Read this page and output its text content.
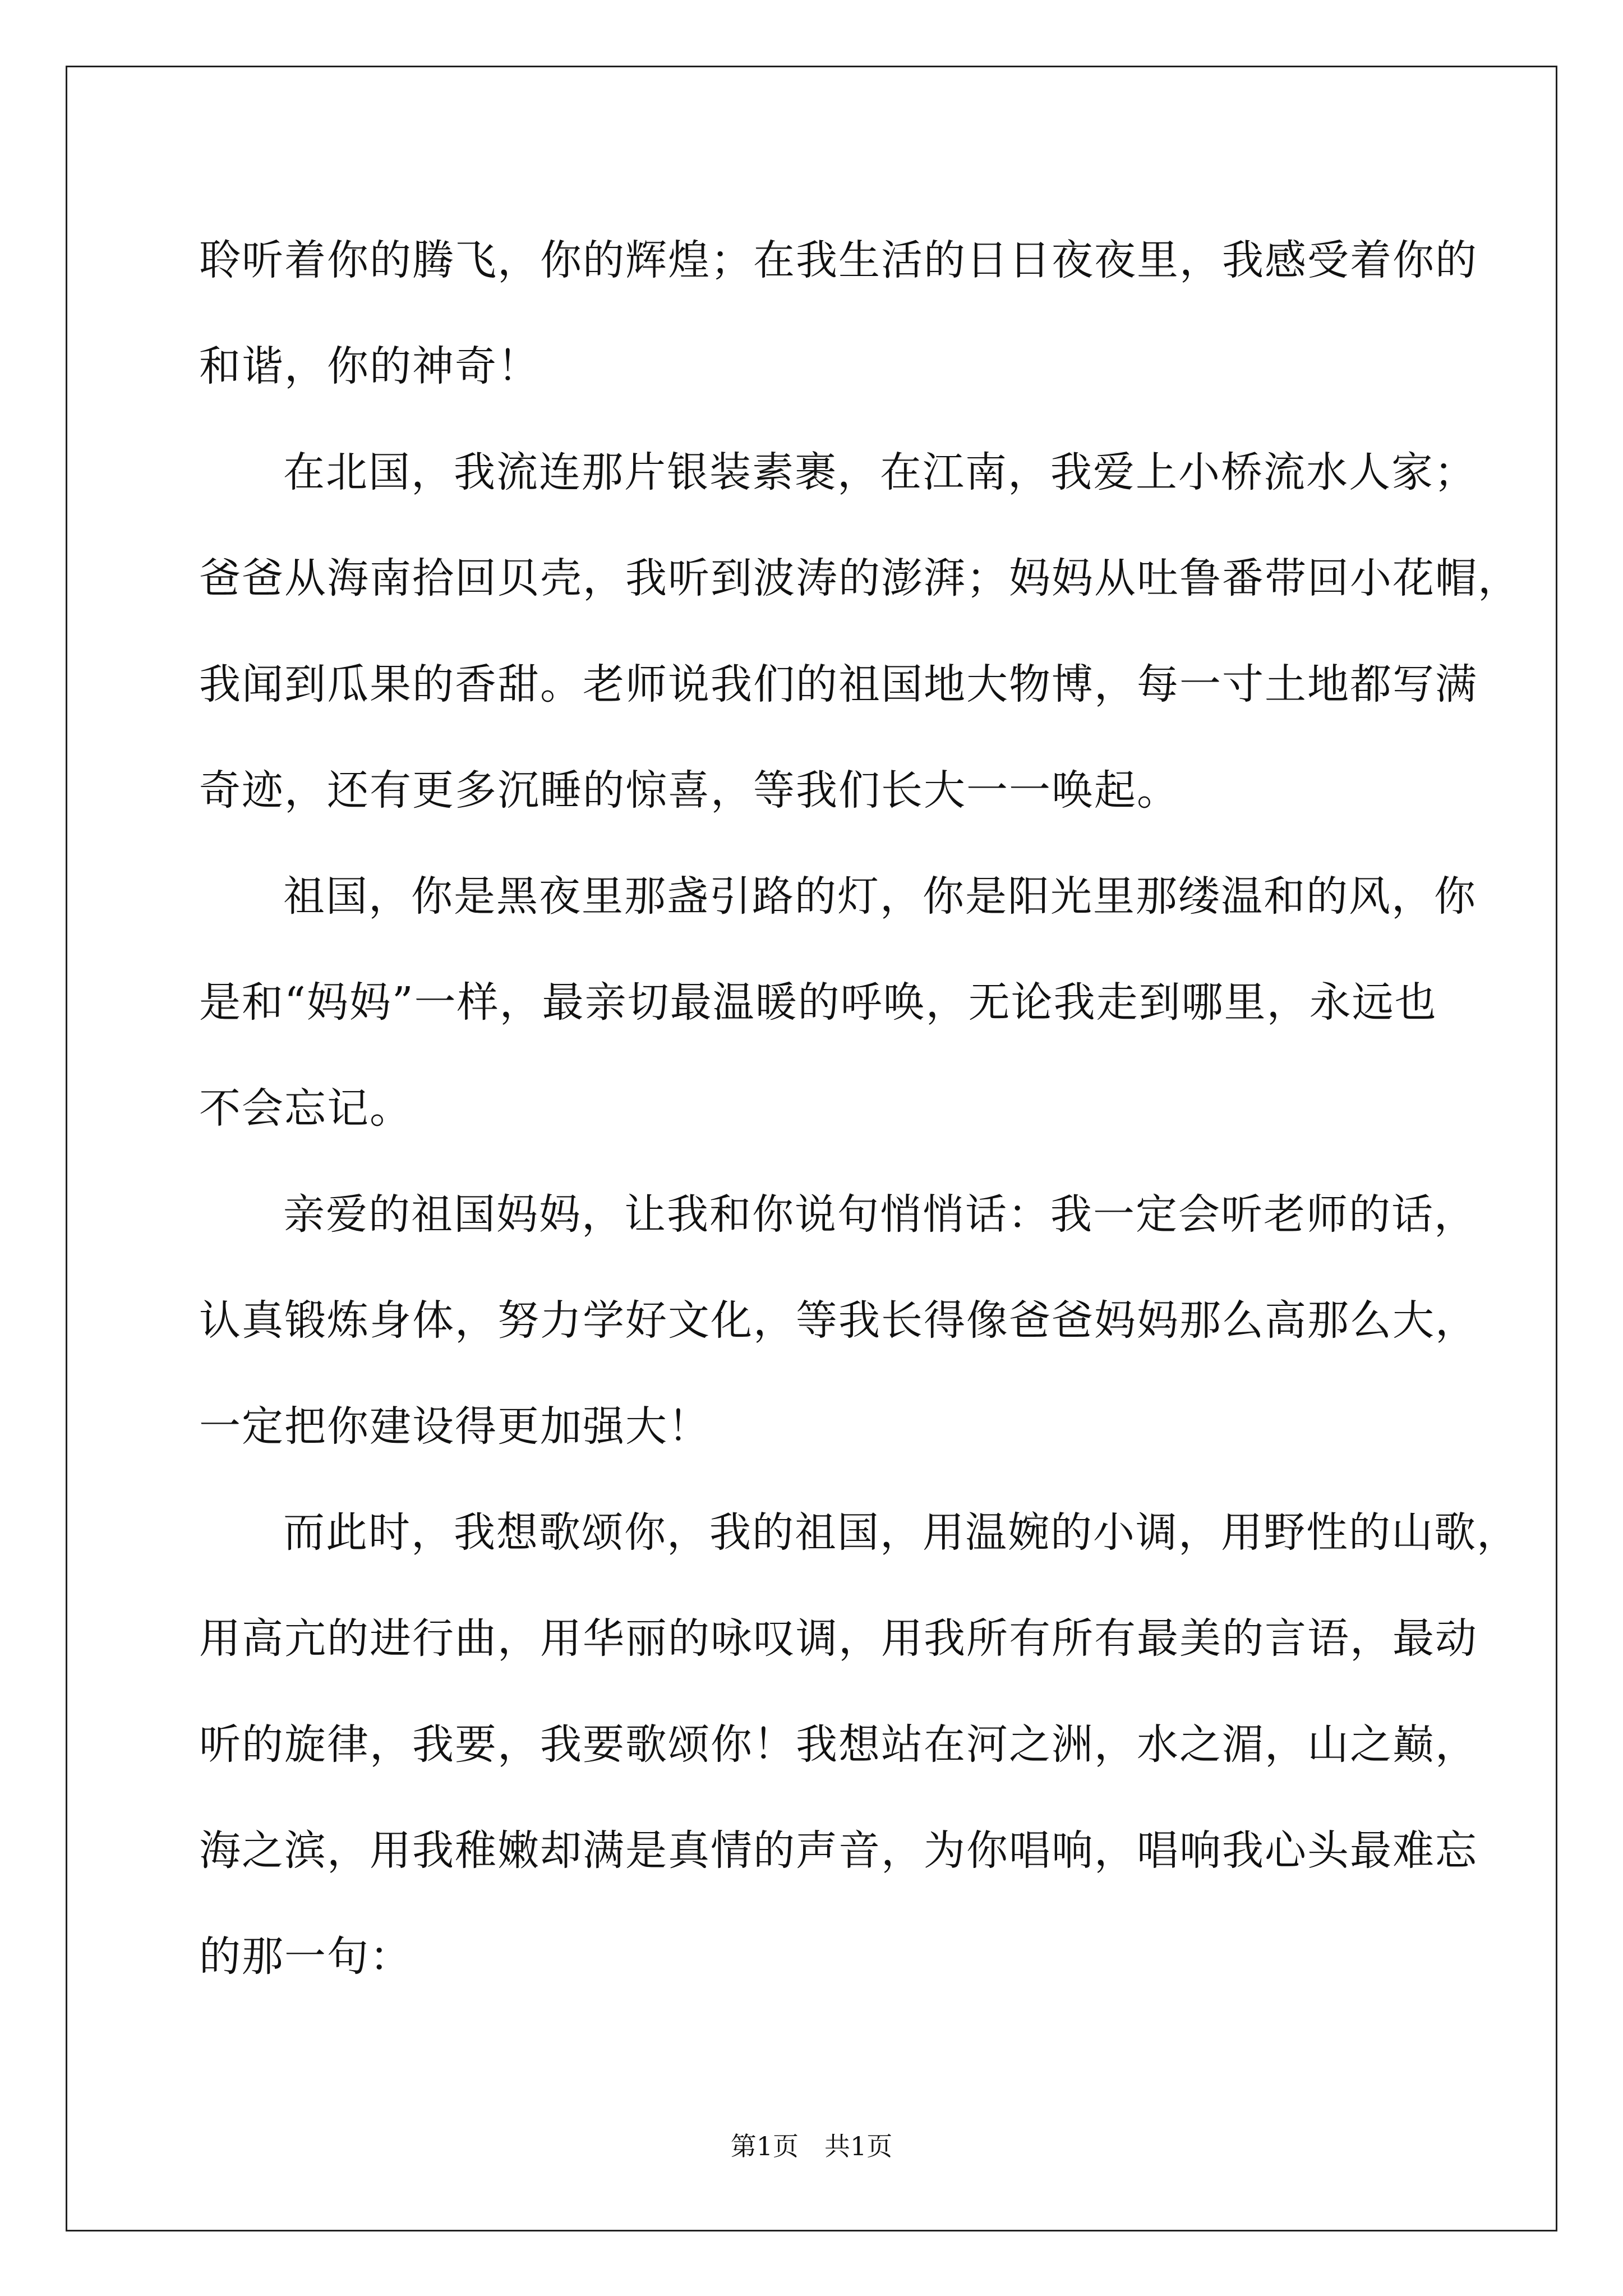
聆听着你的腾飞，你的辉煌；在我生活的日日夜夜里，我感受着你的
和谐，你的神奇！

在北国，我流连那片银装素裹，在江南，我爱上小桥流水人家；
爸爸从海南拾回贝壳，我听到波涛的澎湃；妈妈从吐鲁番带回小花帽，
我闻到瓜果的香甜。老师说我们的祖国地大物博，每一寸土地都写满
奇迹，还有更多沉睡的惊喜，等我们长大一一唤起。

祖国，你是黑夜里那盏引路的灯，你是阳光里那缕温和的风，你
是和“妈妈”一样，最亲切最温暖的呼唤，无论我走到哪里，永远也
不会忘记。

亲爱的祖国妈妈，让我和你说句悄悄话：我一定会听老师的话，
认真锻炼身体，努力学好文化，等我长得像爸爸妈妈那么高那么大，
一定把你建设得更加强大！

而此时，我想歌颂你，我的祖国，用温婉的小调，用野性的山歌，
用高亢的进行曲，用华丽的咏叹调，用我所有所有最美的言语，最动
听的旋律，我要，我要歌颂你！我想站在河之洲，水之湄，山之巅，
海之滨，用我稚嫩却满是真情的声音，为你唱响，唱响我心头最难忘
的那一句：

第1页 共1页
